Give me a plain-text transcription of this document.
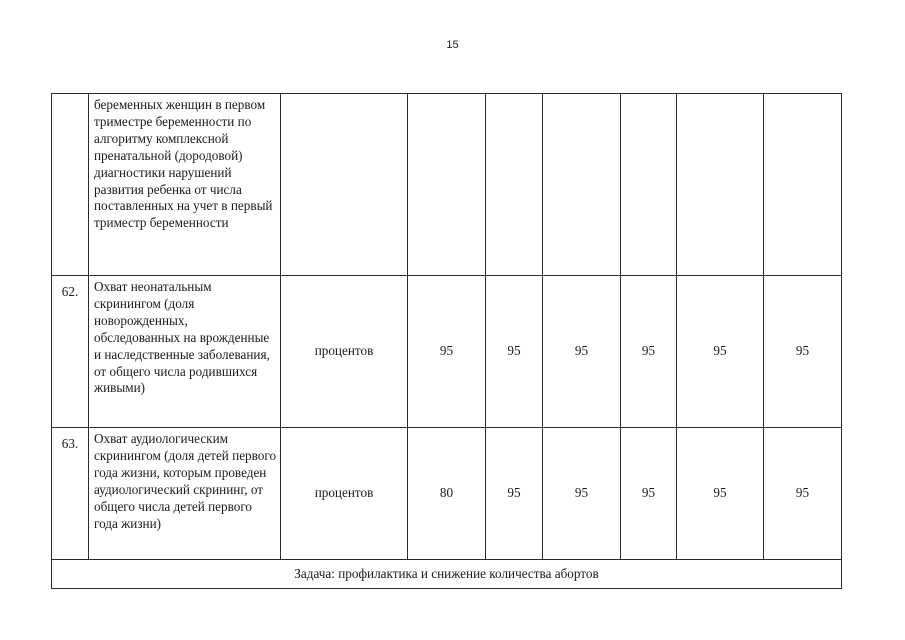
15
	беременных женщин в первом триместре беременности по алгоритму комплексной пренатальной (дородовой) диагностики нарушений развития ребенка от числа поставленных на учет в первый триместр беременности							
62.	Охват неонатальным скринингом (доля новорожденных, обследованных на врожденные и наследственные заболевания, от общего числа родившихся живыми)	процентов	95	95	95	95	95	95
63.	Охват аудиологическим скринингом (доля детей первого года жизни, которым проведен аудиологический скрининг, от общего числа детей первого года жизни)	процентов	80	95	95	95	95	95
Задача: профилактика и снижение количества абортов								
